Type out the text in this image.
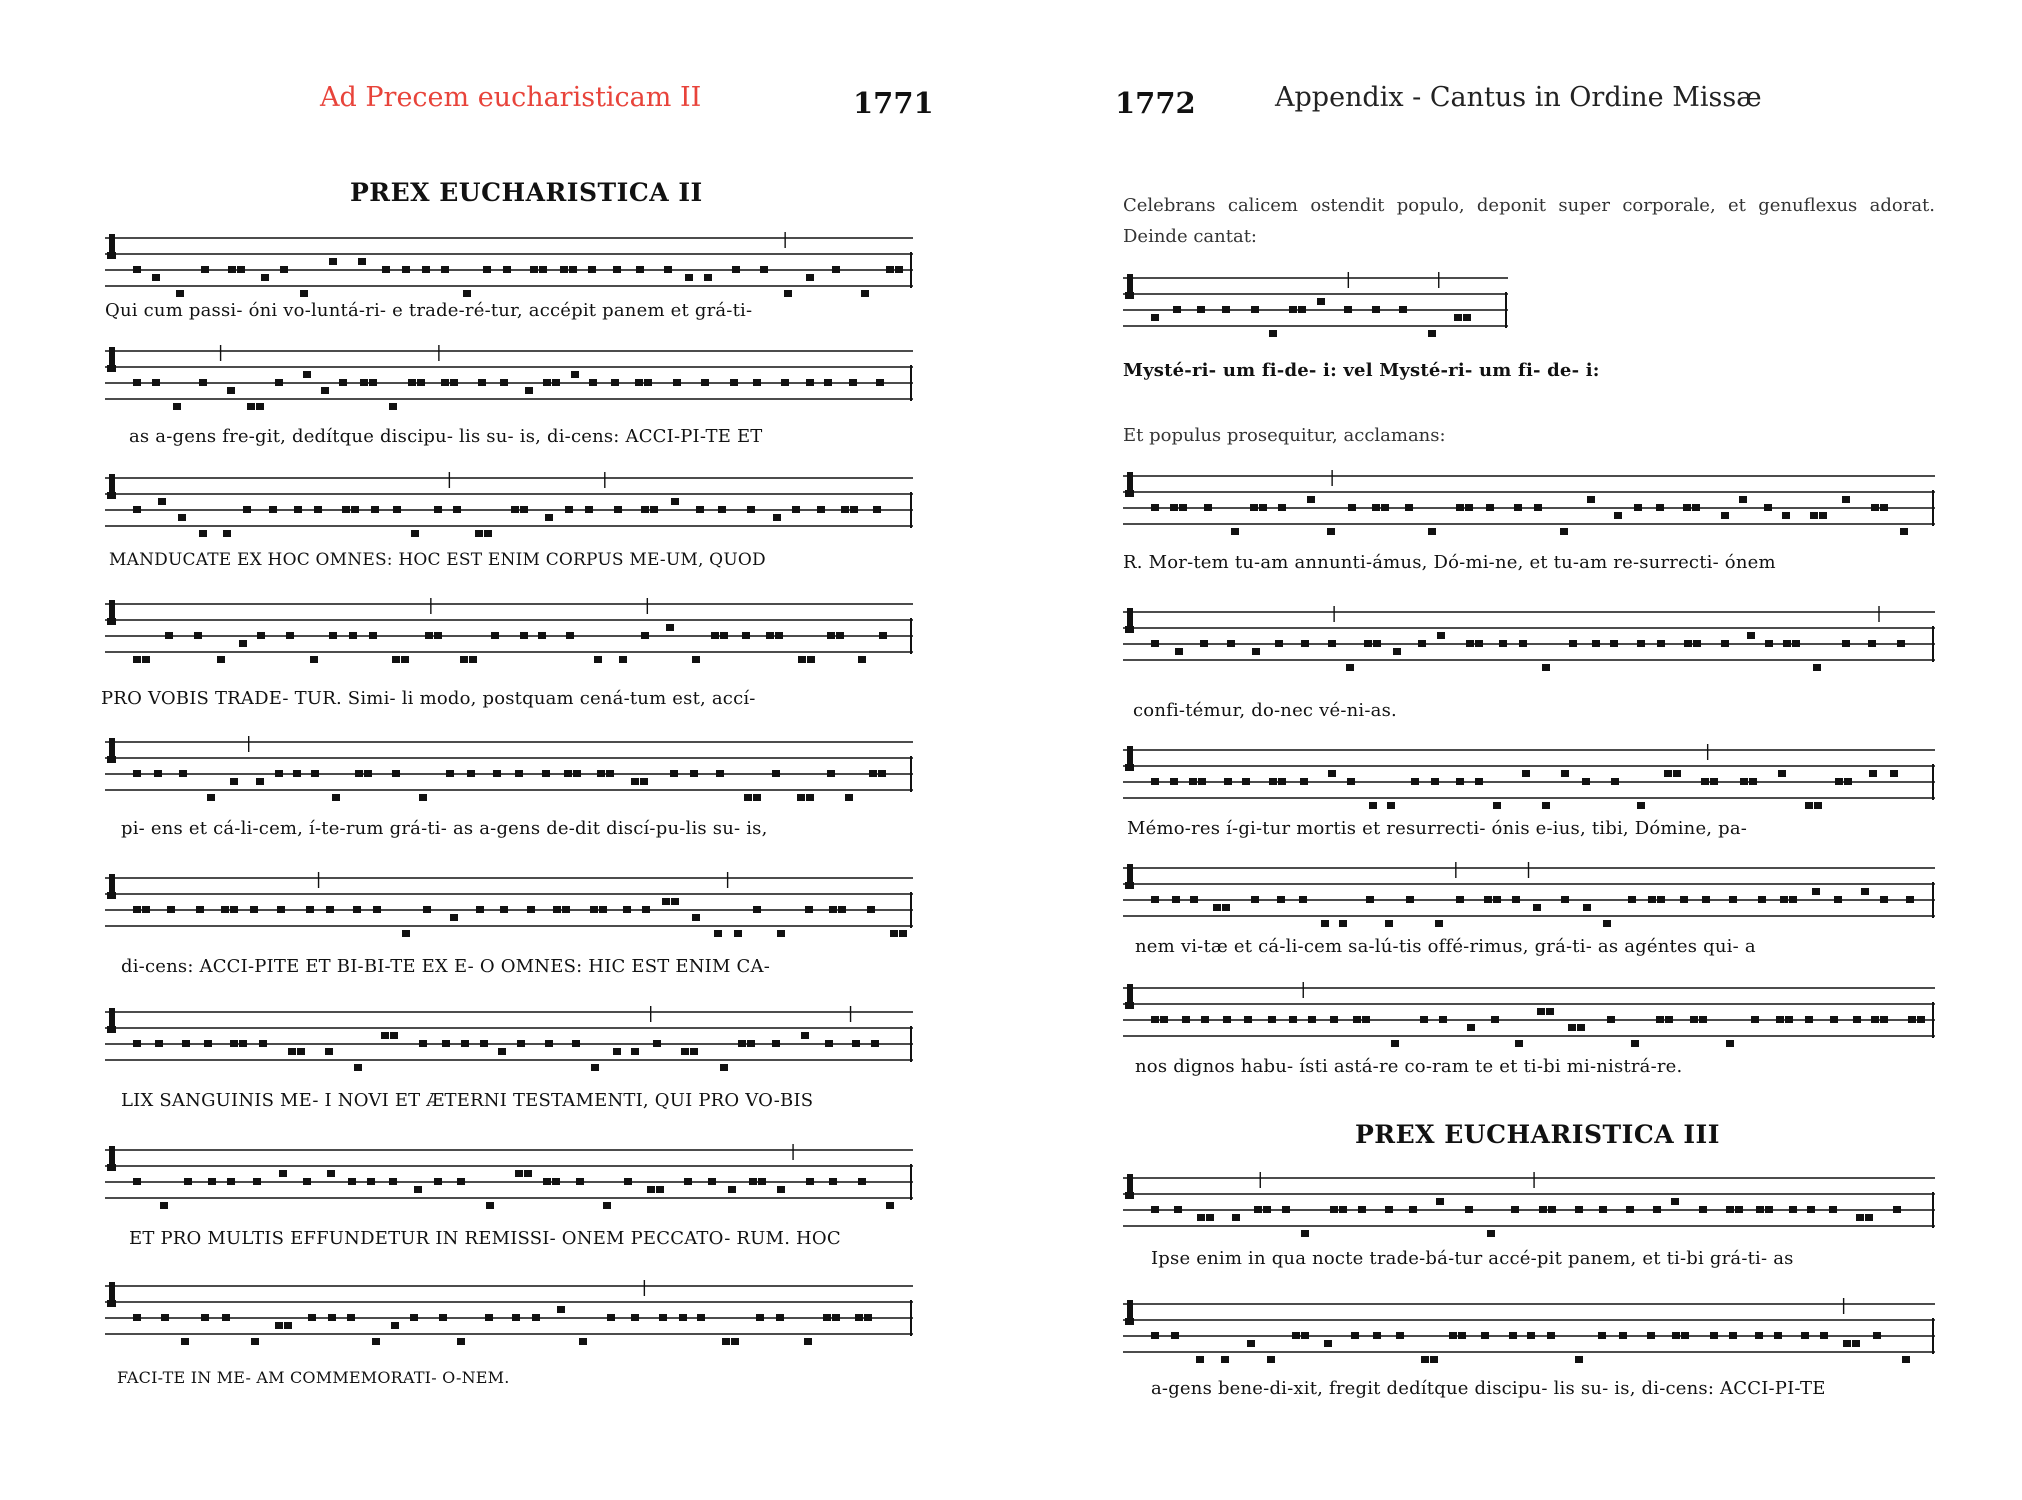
Ad Precem eucharisticam II	1771
PREX EUCHARISTICA II
Qui cum passi- óni vo-luntá-ri- e trade-ré-tur, accépit panem et grá-ti-
as a-gens fre-git, dedítque discipu- lis su- is, di-cens: ACCI-PI-TE ET
MANDUCATE EX HOC OMNES: HOC EST ENIM CORPUS ME-UM, QUOD
PRO VOBIS TRADE- TUR. Simi- li modo, postquam cená-tum est, accí-
pi- ens et cá-li-cem, í-te-rum grá-ti- as a-gens de-dit discí-pu-lis su- is,
di-cens: ACCI-PITE ET BI-BI-TE EX E- O OMNES: HIC EST ENIM CA-
LIX SANGUINIS ME- I NOVI ET ÆTERNI TESTAMENTI, QUI PRO VO-BIS
ET PRO MULTIS EFFUNDETUR IN REMISSI- ONEM PECCATO- RUM. HOC
FACI-TE IN ME- AM COMMEMORATI- O-NEM.
1772	Appendix - Cantus in Ordine Missæ
Celebrans calicem ostendit populo, deponit super corporale, et genuflexus adorat. Deinde cantat:
Mysté-ri- um fi-de- i: vel Mysté-ri- um fi- de- i:
Et populus prosequitur, acclamans:
R. Mor-tem tu-am annunti-ámus, Dó-mi-ne, et tu-am re-surrecti- ónem
confi-témur, do-nec vé-ni-as.
Mémo-res í-gi-tur mortis et resurrecti- ónis e-ius, tibi, Dómine, pa-
nem vi-tæ et cá-li-cem sa-lú-tis offé-rimus, grá-ti- as agéntes qui- a
nos dignos habu- ísti astá-re co-ram te et ti-bi mi-nistrá-re.
PREX EUCHARISTICA III
Ipse enim in qua nocte trade-bá-tur accé-pit panem, et ti-bi grá-ti- as
a-gens bene-di-xit, fregit dedítque discipu- lis su- is, di-cens: ACCI-PI-TE
